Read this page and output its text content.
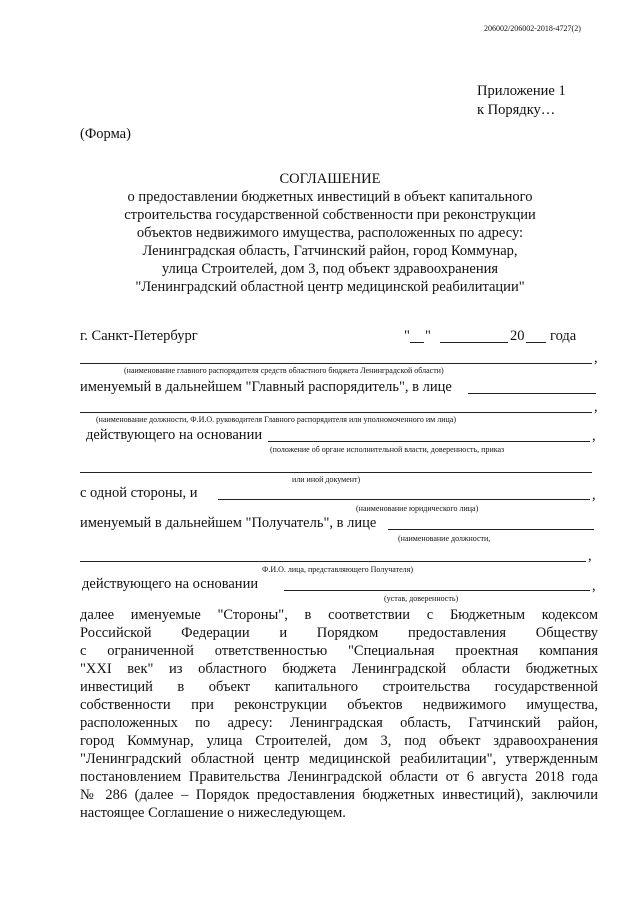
206002/206002-2018-4727(2)
Приложение 1
к Порядку…
(Форма)
СОГЛАШЕНИЕ
о предоставлении бюджетных инвестиций в объект капитального
строительства государственной собственности при реконструкции
объектов недвижимого имущества, расположенных по адресу:
Ленинградская область, Гатчинский район, город Коммунар,
улица Строителей, дом 3, под объект здравоохранения
"Ленинградский областной центр медицинской реабилитации"
г. Санкт-Петербург	" "	20 года
,
(наименование главного распорядителя средств областного бюджета Ленинградской области)
именуемый в дальнейшем "Главный распорядитель", в лице
,
(наименование должности, Ф.И.О. руководителя Главного распорядителя или уполномоченного им лица)
действующего на основании	,
(положение об органе исполнительной власти, доверенность, приказ
или иной документ)
с одной стороны, и	,
(наименование юридического лица)
именуемый в дальнейшем "Получатель", в лице
(наименование должности,
,
Ф.И.О. лица, представляющего Получателя)
действующего на основании	,
(устав, доверенность)
далее именуемые "Стороны", в соответствии с Бюджетным кодексом
Российской Федерации и Порядком предоставления Обществу
с ограниченной ответственностью "Специальная проектная компания
"XXI век" из областного бюджета Ленинградской области бюджетных
инвестиций в объект капитального строительства государственной
собственности при реконструкции объектов недвижимого имущества,
расположенных по адресу: Ленинградская область, Гатчинский район,
город Коммунар, улица Строителей, дом 3, под объект здравоохранения
"Ленинградский областной центр медицинской реабилитации", утвержденным
постановлением Правительства Ленинградской области от 6 августа 2018 года
№ 286 (далее – Порядок предоставления бюджетных инвестиций), заключили
настоящее Соглашение о нижеследующем.
